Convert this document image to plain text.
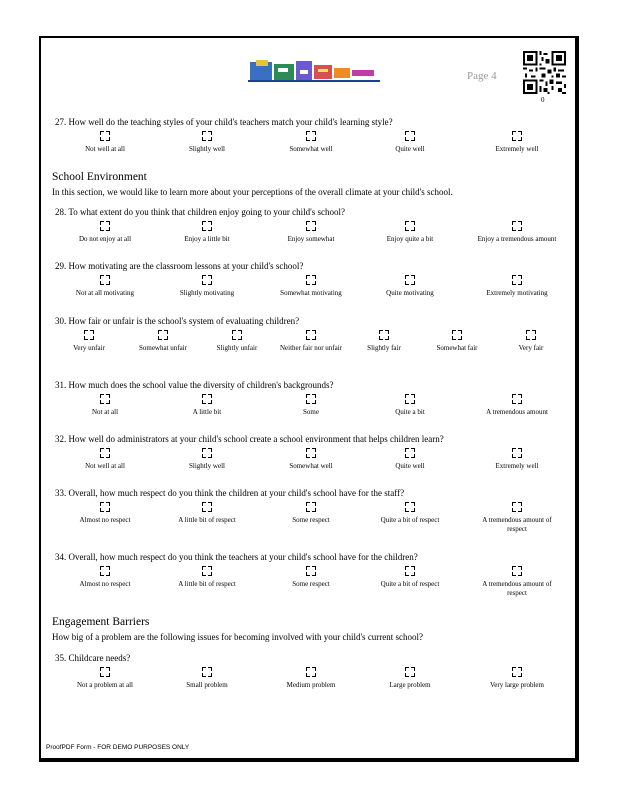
Page 4
0
27. How well do the teaching styles of your child's teachers match your child's learning style?
Not well at all	Slightly well	Somewhat well	Quite well	Extremely well
School Environment
In this section, we would like to learn more about your perceptions of the overall climate at your child's school.
28. To what extent do you think that children enjoy going to your child's school?
Do not enjoy at all	Enjoy a little bit	Enjoy somewhat	Enjoy quite a bit	Enjoy a tremendous amount
29. How motivating are the classroom lessons at your child's school?
Not at all motivating	Slightly motivating	Somewhat motivating	Quite motivating	Extremely motivating
30. How fair or unfair is the school's system of evaluating children?
Very unfair	Somewhat unfair	Slightly unfair	Neither fair nor unfair	Slightly fair	Somewhat fair	Very fair
31. How much does the school value the diversity of children's backgrounds?
Not at all	A little bit	Some	Quite a bit	A tremendous amount
32. How well do administrators at your child's school create a school environment that helps children learn?
Not well at all	Slightly well	Somewhat well	Quite well	Extremely well
33. Overall, how much respect do you think the children at your child's school have for the staff?
Almost no respect	A little bit of respect	Some respect	Quite a bit of respect	A tremendous amount of respect
34. Overall, how much respect do you think the teachers at your child's school have for the children?
Almost no respect	A little bit of respect	Some respect	Quite a bit of respect	A tremendous amount of respect
Engagement Barriers
How big of a problem are the following issues for becoming involved with your child's current school?
35. Childcare needs?
Not a problem at all	Small problem	Medium problem	Large problem	Very large problem
ProofPDF Form - FOR DEMO PURPOSES ONLY
